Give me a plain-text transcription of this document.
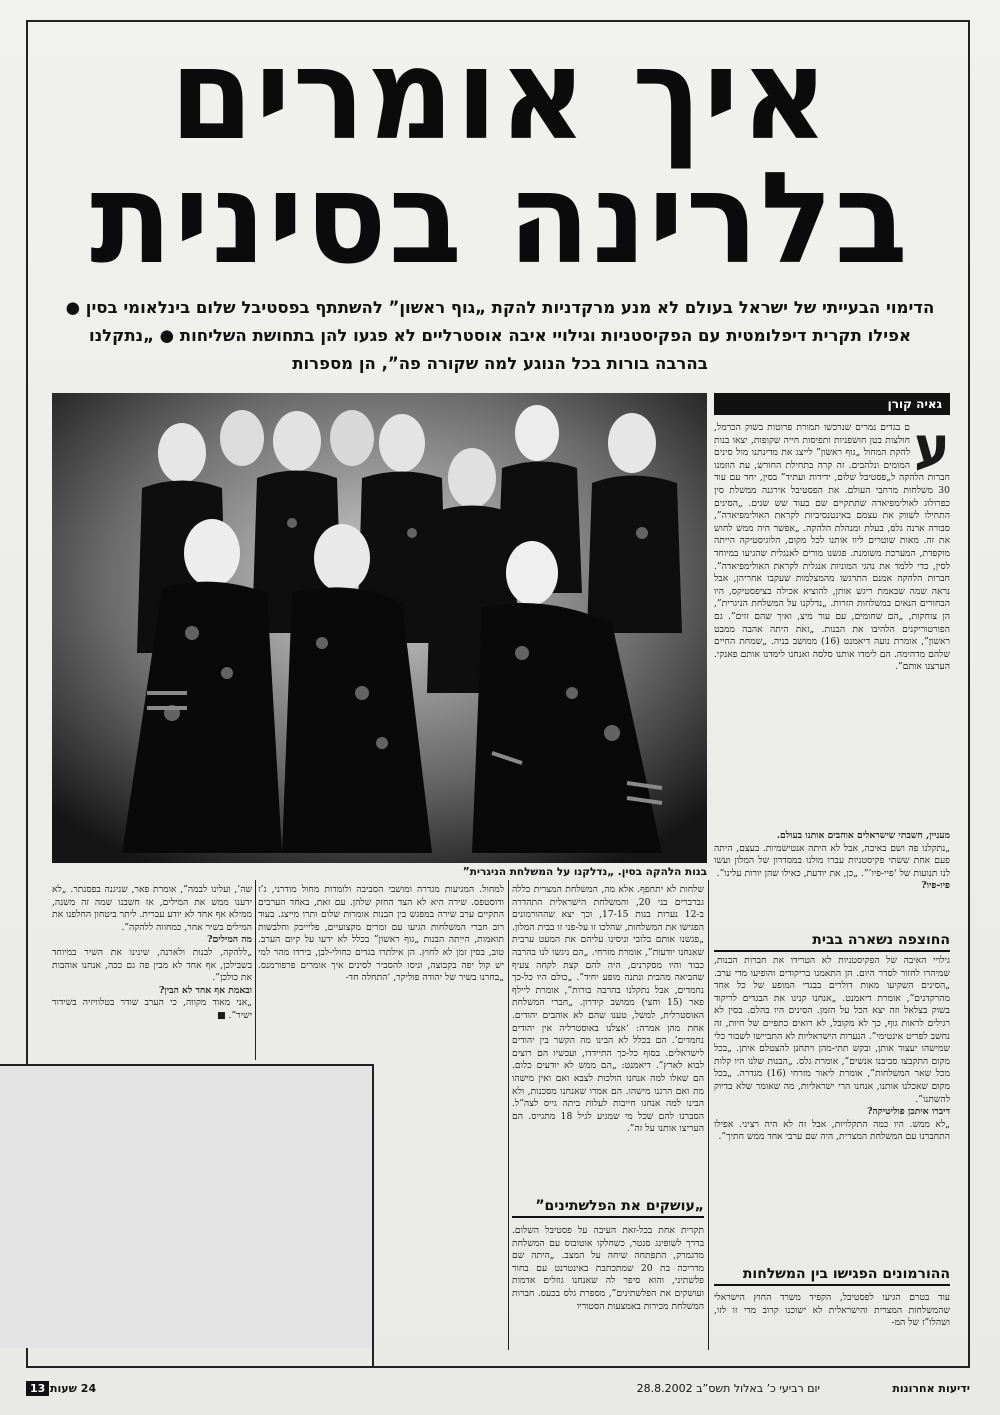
איך אומרים
בלרינה בסינית
הדימוי הבעייתי של ישראל בעולם לא מנע מרקדניות להקת „גוף ראשון” להשתתף בפסטיבל שלום בינלאומי בסין ● אפילו תקרית דיפלומטית עם הפקיסטניות וגילויי איבה אוסטרליים לא פגעו להן בתחושת השליחות ● „נתקלנו בהרבה בורות בכל הנוגע למה שקורה פה”, הן מספרות
בנות הלהקה בסין. „נדלקנו על המשלחת הניגרית”
גאיה קורן
ע
ם בגדים נמרים שנרכשו תמורת פרוטות בשוק הכרמל, חולצות בטן חושפניות ותפיסות חייה שקופות, יצאו בנות להקת המחול „גוף ראשון” לייצג את מדינתנו מול סינים המומים ונלהבים. זה קרה בתחילת החורש, עת הוזמנו חברות הלהקה ל„פסטיבל שלום, ידידות ועתיד” בסין, יחד עם עוד 30 משלחות מרחבי העולם. את הפסטיבל אירגנה ממשלת סין כפרולוג לאולימפיאדה שתתקיים שם בעוד שש שנים. „הסינים התחילו לשווק את עצמם באינטנסיביות לקראת האולימפיאדה”, סבורה ארנה גלס, בעלת ומנהלת הלהקה. „אפשר היה ממש לחוש את זה. מאות שוטרים ליוו אותנו לכל מקום, הלוגיסטיקה הייתה מוקפדת, המערכת משומנת. פגשנו מורים לאנגלית שהגיעו במיוחד לסין, כדי ללמד את נהגי המוניות אנגלית לקראת האולימפיאדה”. חברות הלהקה אמנם התרגשו מהמצלמות שעקבו אחריהן, אבל נראה שמה שבאמת ריגש אותן, להוציא אכילה בציפסטיקס, היו הבחורים הנאים במשלחות הזרות. „נדלקנו על המשלחת הניגרית”, הן צוחקות, „הם שחומים, עם עור מיצ, ואיך שהם זזים”. גם הפורטוריקנים הלהיבו את הבנות. „זאת היתה אהבה ממבט ראשון”, אומרת נועה דיאמנט (16) ממושב בניה. „שמחת החיים שלהם מדהימה. הם לימדו אותנו סלסה ואנחנו לימדנו אותם פאנקי. הערצנו אותם”.
מעניין, חשבתי שישראלים אוהבים אותנו בעולם.
„נתקלנו פה ושם באיבה, אבל לא היתה אנטישמיות. בעצם, היתה פעם אחת ששתי פקיסטניות עברו מולנו במסדרון של המלון ועשו לנו תנועות של ‘פיי-פיו’”. „כן, את יודעת, כאילו שהן יורות עלינו”.
פיו-פיו?
החוצפה נשארה בבית
גילויי האיבה של הפקיסטניות לא הטרידו את חברות הבנות, שמיהרו לחזור לסדר היום. הן התאמנו בריקודים והופיעו מדי ערב. „הסינים השקיעו מאות דולרים בבגדי המופע של כל אחד מהרקדנים”, אומרת דיאמנט. „אנחנו קנינו את הבגדים לריקוד בשוק בצלאל וזה יצא הכל על הזמן. הסינים היו בהלם. בסין לא רגילים לראות גוף, כך לא מקובל, לא רואים כתפיים של חיות, זה נחשב לפריט אינטימי”. הנערות הישראליות לא התביישו לשבור כלי שמישהו יעצור אותן, ובקש תתי-מהן ויתחנן להצטלם איתן. „בכל מקום התקבצו סביבנו אנשים”, אומרת גלס. „הבנות שלנו היו קלות מכל שאר המשלחות”, אומרת ליאור מזרחי (16) מגדרה. „בכל מקום שאכלנו אותנו, אנחנו הרי ישראליות, מה שאומר שלא בדיוק להשתנו”.
דיברו איתכן פוליטיקה?
„לא ממש. היו כמה התקלויות, אבל זה לא היה רציני. אפילו התחברנו עם המשלחת המצרית, היה שם ערבי אחד ממש חתיך”.
ההורמונים הפגישו בין המשלחות
עוד בטרם הגיעו לפסטיבל, הקפיד משרד החוץ הישראלי שהמשלחות המצרית והישראלית לא ישוכנו קרוב מדי זו לזו, ושהלו”ז של המ-
שלחות לא יתחפף. אלא מה, המשלחת המצרית כללה גברברים בני 20, והמשלחת הישראלית התהדרה ב-12 נערות בנות 17-15, וכך יצא שההורמונים הפגישו את המשלחות, שהלכו זו על-פני זו בבית המלון. „פגשנו אותם בלובי וניסינו עליהם את המעט ערבית שאנחנו יודעות”, אומרת מזרחי. „הם ניגשו לנו בהרבה כבוד והיו מסקרנים, היה להם קצת לקחה צעיף שהביאה מהבית ונתנה מופע יחיד”. „כולם היו כל-כך נחמדים, אבל נתקלנו בהרבה בורות”, אומרת ליילף פאר (15 וחצי) ממושב קידרון. „חברי המשלחת האוסטרלית, למשל, טענו שהם לא אוהבים יהודים. אחת מהן אמרה: ‘אצלנו באוסטרליה אין יהודים נחמדים’. הם בכלל לא הבינו מה הקשר בין יהודים לישראלים. בסוף כל-כך התיידדו, ועכשיו הם רוצים לבוא לארץ”. דיאמנט: „הם ממש לא יודעים כלום. הם שאלו למה אנחנו הולכות לצבא ואם ואין מישהו מת ואם הרגנו מישהו. הם אמרו שאנחנו מסכנות, ולא הבינו למה אנחנו חייבות לעלות ביתה גייס לצה”ל. הסברנו להם שכל מי שמגיע לגיל 18 מתגייס. הם העריצו אותנו על זה”.
„עושקים את הפלשתינים”
תקרית אחת בכל-זאת העיבה על פסטיבל השלום. בדרך לשופינג סנטר, כשחלקו אוטובוס עם המשלחת מדגמרק, התפתחה שיחה על המצב. „היתה שם מדריכה בת 20 שמתכתבת באינטרנט עם בחור פלשתיני, והוא סיפר לה שאנחנו גוזלים אדמות ועושקים את הפלשתינים”, מספרת גלס בכעס. חברות המשלחת מכירות באמצעות הסטוריו
למחול. המגיעות מגדרה ומושבי הסביבה ולומדות מחול מודרני, ג’ז ודוסטפס. שירה היא לא הצד החזק שלהן. עם זאת, באחד הערבים התקיים ערב שירה במפגש בין הבנות אומרות שלום ותרו מייצג. בעוד רוב חברי המשלחות הגיעו עם זמרים מקצועיים, פליייבק וחלבשות תואמות, הייתה הבנות „גוף ראשון” בכלל לא ידעו על קיום הערב. טוב, בסין זמן לא לחוץ. הן אילתרו בגדים כחולי-לבן, בירדו מהר למי יש קול יפה בקבוצה, וניסו להסביר לסינים איך אומרים פרפורמנס. „בחרנו בשיר של יהודה פוליקר, ‘התחלה חד-
שה’, ועלינו לבמה”, אומרת פאר, שניגנה בפסנתר. „לא ידענו ממש את המילים, אז חשבנו שמה זה משנה, ממילא אף אחד לא יודע עברית. ליתר ביטחון החלפנו את המילים בשיר אחר, כמחווה ללהקה”.
מה המילים?
„ללהקה, לבנות ולארנה, שינינו את השיר במיוחד בשבילכן, אף אחד לא מבין פה גם ככה, אנחנו אוהבות את כולכן”.
ובאמת אף אחד לא הבין?
„אני מאוד מקווה, כי הערב שודר בטלוויזיה בשידור ישיר”. ■
13 24 שעות	יום רביעי כ’ באלול תשס”ב 28.8.2002	ידיעות אחרונות
